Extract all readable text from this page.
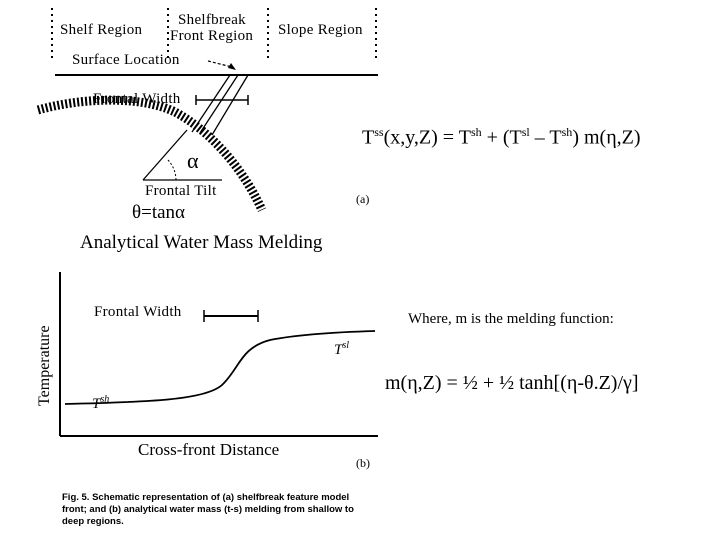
Shelf Region
Shelfbreak
Front Region Slope Region
Surface Location
Frontal Width
α
Frontal Tilt
θ=tanα
Analytical Water Mass Melding
(a)
Temperature
Frontal Width
$T^{sl}$
$T^{sh}$
Cross-front Distance
(b)
$T^{ss}(x,y,Z) = T^{sh} + (T^{sl} - T^{sh})$ m(η,Z)
Where, m is the melding function:
m(η,Z) = ½ + ½ tanh[(η-θ.Z)/γ]
Fig. 5. Schematic representation of (a) shelfbreak feature model front; and (b) analytical water mass (t-s) melding from shallow to deep regions.
